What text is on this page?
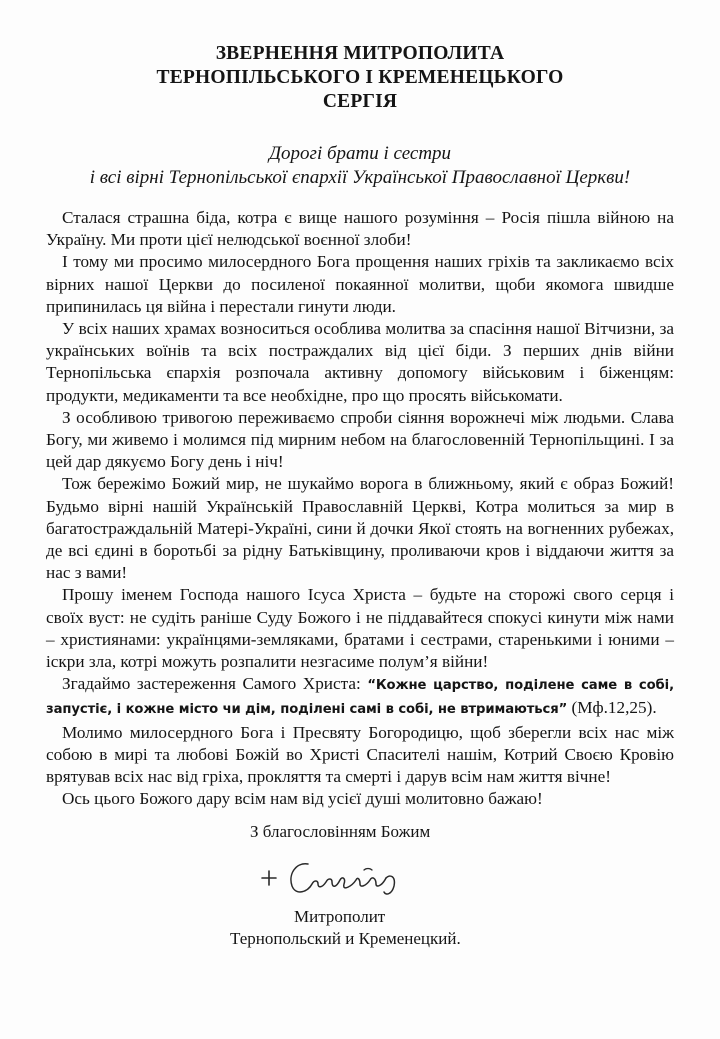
ЗВЕРНЕННЯ МИТРОПОЛИТА
ТЕРНОПІЛЬСЬКОГО І КРЕМЕНЕЦЬКОГО
СЕРГІЯ
Дорогі брати і сестри
і всі вірні Тернопільської єпархії Української Православної Церкви!

Сталася страшна біда, котра є вище нашого розуміння – Росія пішла війною на Україну. Ми проти цієї нелюдської воєнної злоби!

І тому ми просимо милосердного Бога прощення наших гріхів та закликаємо всіх вірних нашої Церкви до посиленої покаянної молитви, щоби якомога швидше припинилась ця війна і перестали гинути люди.

У всіх наших храмах возноситься особлива молитва за спасіння нашої Вітчизни, за українських воїнів та всіх постраждалих від цієї біди. З перших днів війни Тернопільська єпархія розпочала активну допомогу військовим і біженцям: продукти, медикаменти та все необхідне, про що просять військомати.

З особливою тривогою переживаємо спроби сіяння ворожнечі між людьми. Слава Богу, ми живемо і молимся під мирним небом на благословенній Тернопільщині. І за цей дар дякуємо Богу день і ніч!

Тож бережімо Божий мир, не шукаймо ворога в ближньому, який є образ Божий! Будьмо вірні нашій Українській Православній Церкві, Котра молиться за мир в багатостраждальній Матері-Україні, сини й дочки Якої стоять на вогненних рубежах, де всі єдині в боротьбі за рідну Батьківщину, проливаючи кров і віддаючи життя за нас з вами!

Прошу іменем Господа нашого Ісуса Христа – будьте на сторожі свого серця і своїх вуст: не судіть раніше Суду Божого і не піддавайтеся спокусі кинути між нами – християнами: українцями-земляками, братами і сестрами, старенькими і юними – іскри зла, котрі можуть розпалити незгасиме полум’я війни!

Згадаймо застереження Самого Христа: “Кожне царство, поділене саме в собі, запустіє, і кожне місто чи дім, поділені самі в собі, не втримаються” (Мф.12,25).

Молимо милосердного Бога і Пресвяту Богородицю, щоб зберегли всіх нас між собою в мирі та любові Божій во Христі Спасителі нашім, Котрий Своєю Кровію врятував всіх нас від гріха, прокляття та смерті і дарув всім нам життя вічне!

Ось цього Божого дару всім нам від усієї душі молитовно бажаю!

З благословінням Божим
Митрополит
Тернопольский и Кременецкий.
